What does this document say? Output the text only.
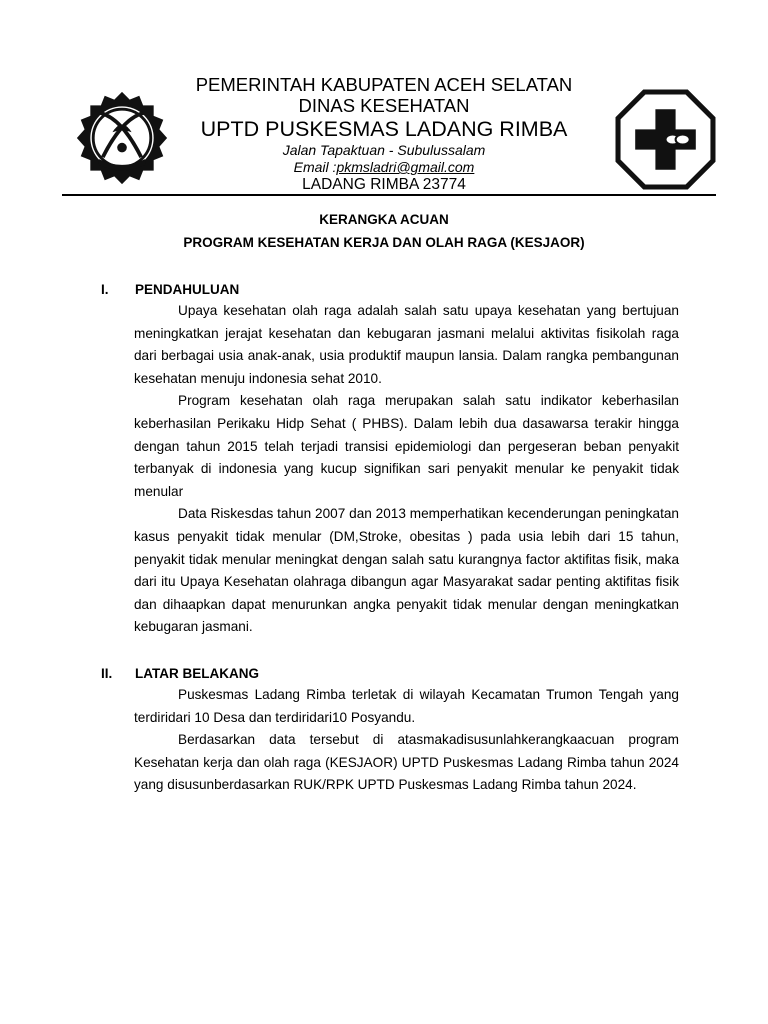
PEMERINTAH KABUPATEN ACEH SELATAN
DINAS KESEHATAN
UPTD PUSKESMAS LADANG RIMBA
Jalan Tapaktuan - Subulussalam
Email :pkmsladri@gmail.com
LADANG RIMBA 23774
KERANGKA ACUAN
PROGRAM KESEHATAN KERJA DAN OLAH RAGA (KESJAOR)
I. PENDAHULUAN

Upaya kesehatan olah raga adalah salah satu upaya kesehatan yang bertujuan meningkatkan jerajat kesehatan dan kebugaran jasmani melalui aktivitas fisikolah raga dari berbagai usia anak-anak, usia produktif maupun lansia. Dalam rangka pembangunan kesehatan menuju indonesia sehat 2010.

Program kesehatan olah raga merupakan salah satu indikator keberhasilan keberhasilan Perikaku Hidp Sehat ( PHBS). Dalam lebih dua dasawarsa terakir hingga dengan tahun 2015 telah terjadi transisi epidemiologi dan pergeseran beban penyakit terbanyak di indonesia yang kucup signifikan sari penyakit menular ke penyakit tidak menular

Data Riskesdas tahun 2007 dan 2013 memperhatikan kecenderungan peningkatan kasus penyakit tidak menular (DM,Stroke, obesitas ) pada usia lebih dari 15 tahun, penyakit tidak menular meningkat dengan salah satu kurangnya factor aktifitas fisik, maka dari itu Upaya Kesehatan olahraga dibangun agar Masyarakat sadar penting aktifitas fisik dan dihaapkan dapat menurunkan angka penyakit tidak menular dengan meningkatkan kebugaran jasmani.

II. LATAR BELAKANG

Puskesmas Ladang Rimba terletak di wilayah Kecamatan Trumon Tengah yang terdiridari 10 Desa dan terdiridari10 Posyandu.

Berdasarkan data tersebut di atasmakadisusunlahkerangkaacuan program Kesehatan kerja dan olah raga (KESJAOR) UPTD Puskesmas Ladang Rimba tahun 2024 yang disusunberdasarkan RUK/RPK UPTD Puskesmas Ladang Rimba tahun 2024.
